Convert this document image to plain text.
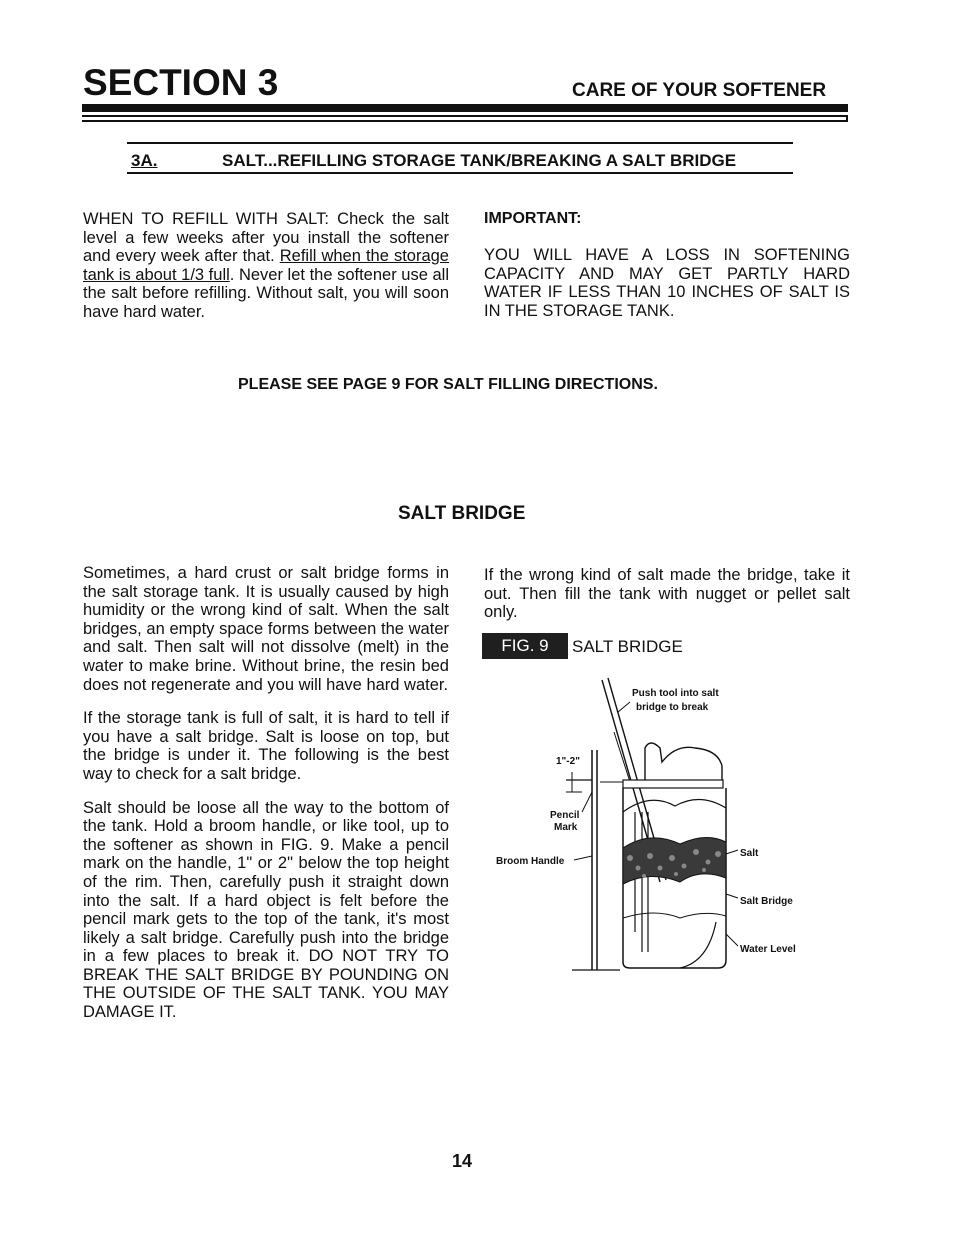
SECTION 3	CARE OF YOUR SOFTENER
3A.	SALT...REFILLING STORAGE TANK/BREAKING A SALT BRIDGE
WHEN TO REFILL WITH SALT: Check the salt level a few weeks after you install the softener and every week after that. Refill when the storage tank is about 1/3 full. Never let the softener use all the salt before refilling. Without salt, you will soon have hard water.
IMPORTANT:
YOU WILL HAVE A LOSS IN SOFTENING CAPACITY AND MAY GET PARTLY HARD WATER IF LESS THAN 10 INCHES OF SALT IS IN THE STORAGE TANK.
PLEASE SEE PAGE 9 FOR SALT FILLING DIRECTIONS.
SALT BRIDGE

Sometimes, a hard crust or salt bridge forms in the salt storage tank. It is usually caused by high humidity or the wrong kind of salt. When the salt bridges, an empty space forms between the water and salt. Then salt will not dissolve (melt) in the water to make brine. Without brine, the resin bed does not regenerate and you will have hard water.

If the storage tank is full of salt, it is hard to tell if you have a salt bridge. Salt is loose on top, but the bridge is under it. The following is the best way to check for a salt bridge.

Salt should be loose all the way to the bottom of the tank. Hold a broom handle, or like tool, up to the softener as shown in FIG. 9. Make a pencil mark on the handle, 1" or 2" below the top height of the rim. Then, carefully push it straight down into the salt. If a hard object is felt before the pencil mark gets to the top of the tank, it's most likely a salt bridge. Carefully push into the bridge in a few places to break it. DO NOT TRY TO BREAK THE SALT BRIDGE BY POUNDING ON THE OUTSIDE OF THE SALT TANK. YOU MAY DAMAGE IT.

If the wrong kind of salt made the bridge, take it out. Then fill the tank with nugget or pellet salt only.
FIG. 9	SALT BRIDGE
Push tool into salt
bridge to break
1"-2"
Pencil
Mark
Broom Handle
Salt
Salt Bridge
Water Level
14
